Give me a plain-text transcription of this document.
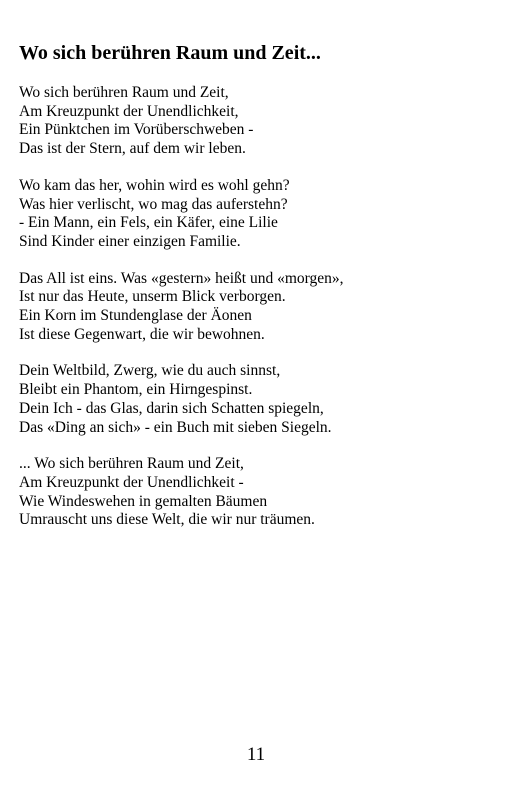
Wo sich berühren Raum und Zeit...
Wo sich berühren Raum und Zeit,
Am Kreuzpunkt der Unendlichkeit,
Ein Pünktchen im Vorüberschweben -
Das ist der Stern, auf dem wir leben.
Wo kam das her, wohin wird es wohl gehn?
Was hier verlischt, wo mag das auferstehn?
- Ein Mann, ein Fels, ein Käfer, eine Lilie
Sind Kinder einer einzigen Familie.
Das All ist eins. Was «gestern» heißt und «morgen»,
Ist nur das Heute, unserm Blick verborgen.
Ein Korn im Stundenglase der Äonen
Ist diese Gegenwart, die wir bewohnen.
Dein Weltbild, Zwerg, wie du auch sinnst,
Bleibt ein Phantom, ein Hirngespinst.
Dein Ich - das Glas, darin sich Schatten spiegeln,
Das «Ding an sich» - ein Buch mit sieben Siegeln.
... Wo sich berühren Raum und Zeit,
Am Kreuzpunkt der Unendlichkeit -
Wie Windeswehen in gemalten Bäumen
Umrauscht uns diese Welt, die wir nur träumen.
11
